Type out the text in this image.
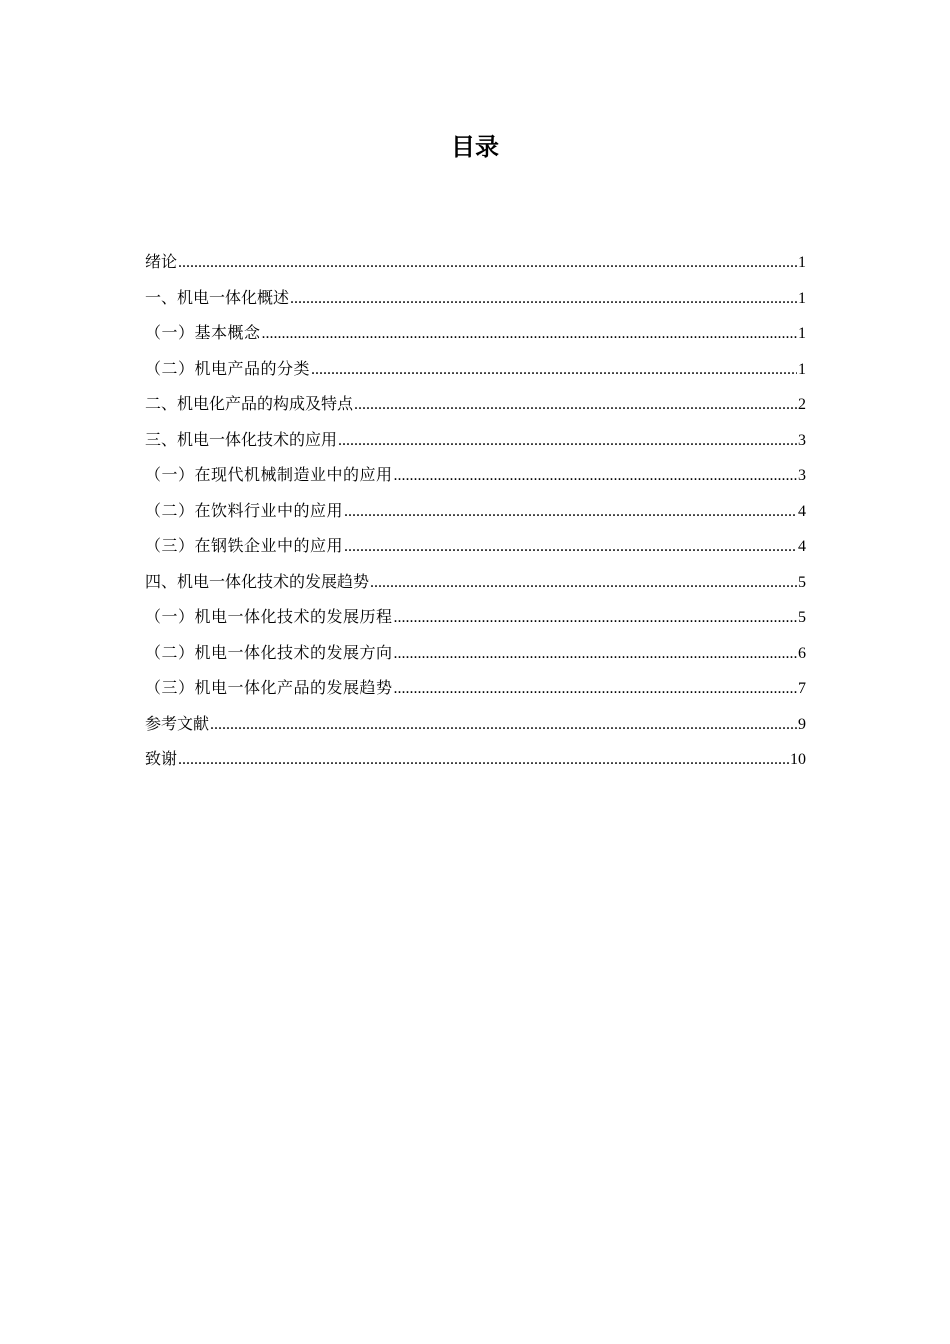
目录
绪论 .....	1
一、机电一体化概述 .....	1
（一）基本概念 .....	1
（二）机电产品的分类 .....	1
二、机电化产品的构成及特点 .....	2
三、机电一体化技术的应用 .....	3
（一）在现代机械制造业中的应用 .....	3
（二）在饮料行业中的应用 .....	4
（三）在钢铁企业中的应用 .....	4
四、机电一体化技术的发展趋势 .....	5
（一）机电一体化技术的发展历程 .....	5
（二）机电一体化技术的发展方向 .....	6
（三）机电一体化产品的发展趋势 .....	7
参考文献 .....	9
致谢 .....	10
